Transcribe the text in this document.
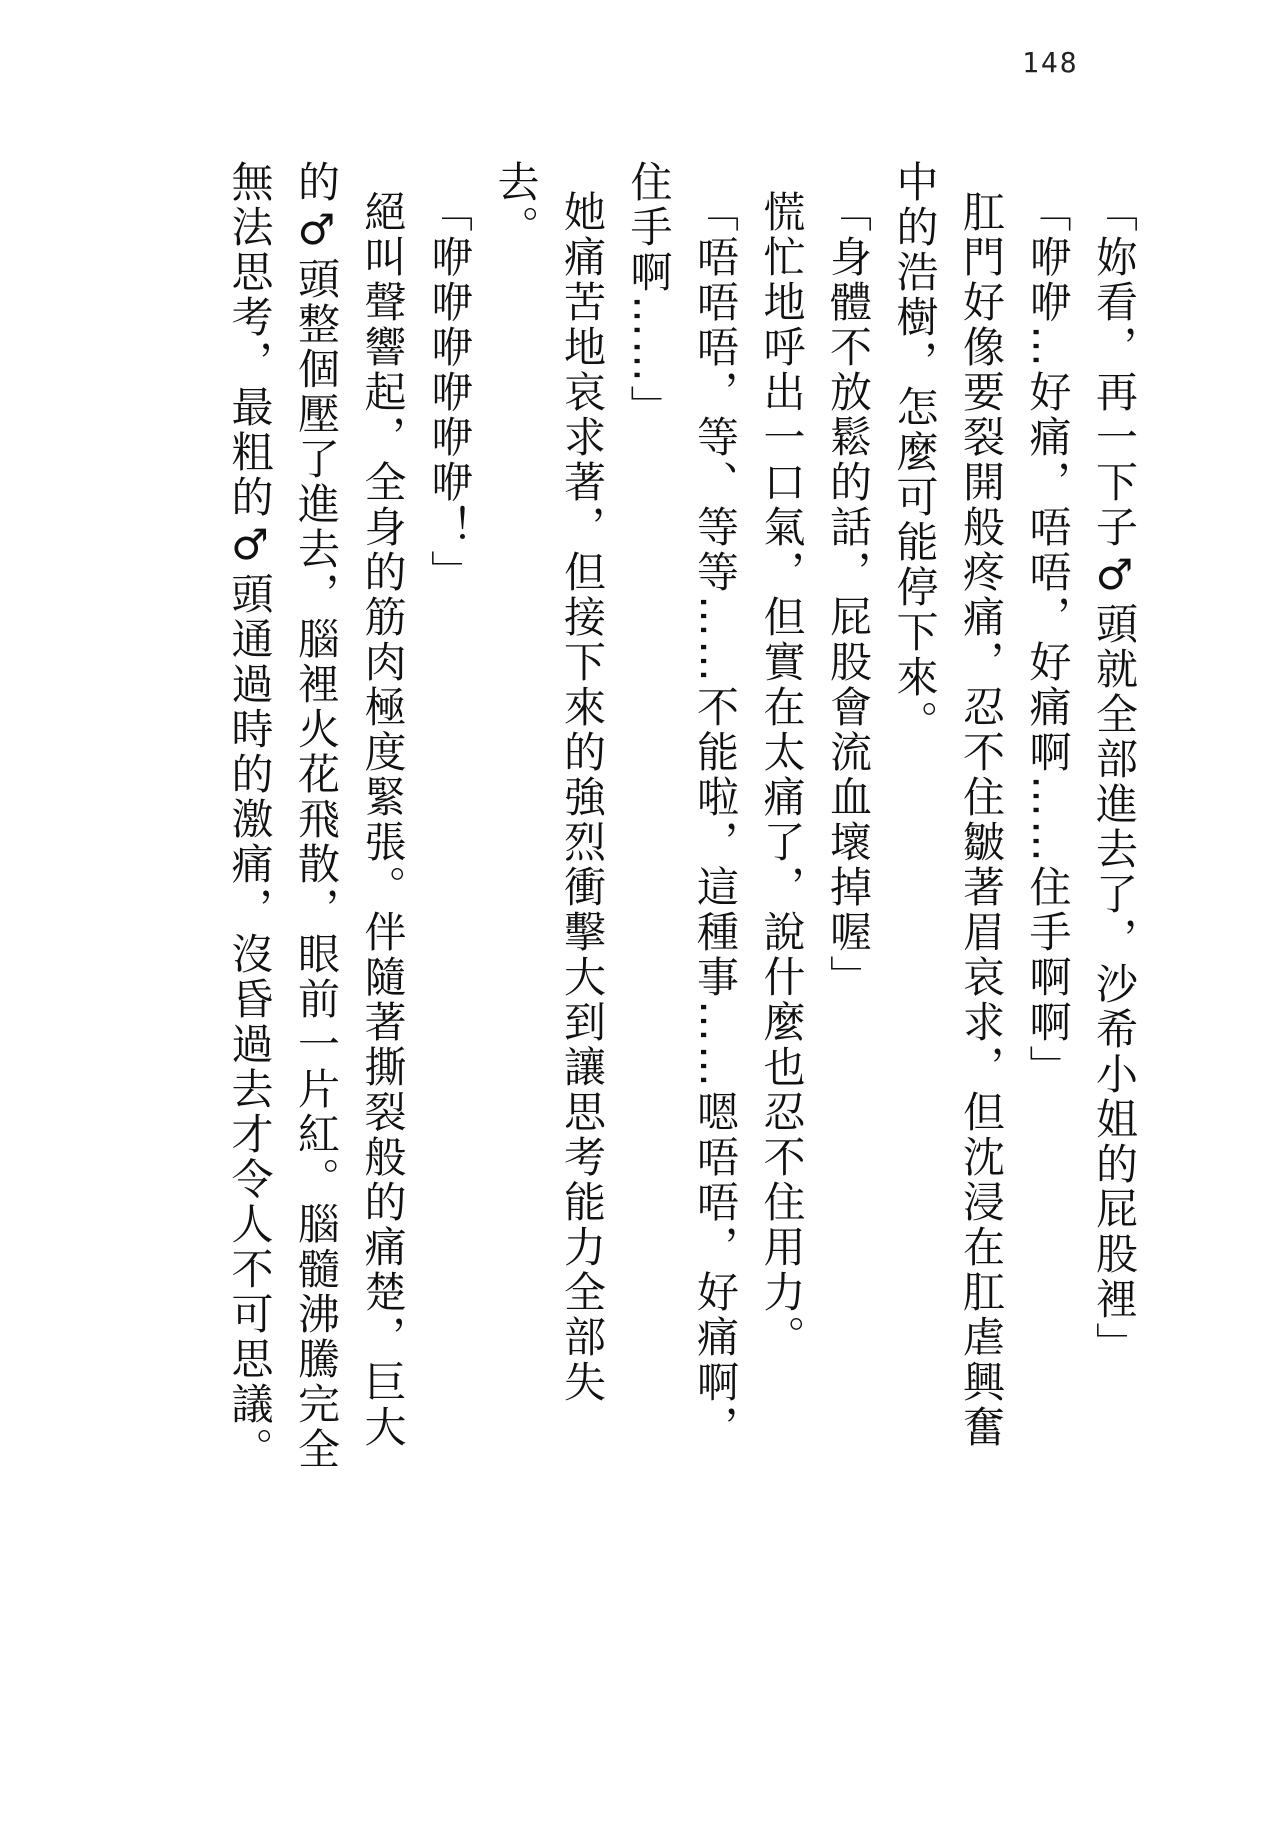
148
「妳看，再一下子♂頭就全部進去了，沙希小姐的屁股裡」
「咿咿…好痛，唔唔，好痛啊……住手啊啊」
肛門好像要裂開般疼痛，忍不住皺著眉哀求，但沈浸在肛虐興奮
中的浩樹，怎麼可能停下來。
「身體不放鬆的話，屁股會流血壞掉喔」
慌忙地呼出一口氣，但實在太痛了，說什麼也忍不住用力。
「唔唔唔，等、等等……不能啦，這種事……嗯唔唔，好痛啊，
住手啊……」
她痛苦地哀求著，但接下來的強烈衝擊大到讓思考能力全部失
去。
「咿咿咿咿咿咿！」
絕叫聲響起，全身的筋肉極度緊張。伴隨著撕裂般的痛楚，巨大
的♂頭整個壓了進去，腦裡火花飛散，眼前一片紅。腦髓沸騰完全
無法思考，最粗的♂頭通過時的激痛，沒昏過去才令人不可思議。
